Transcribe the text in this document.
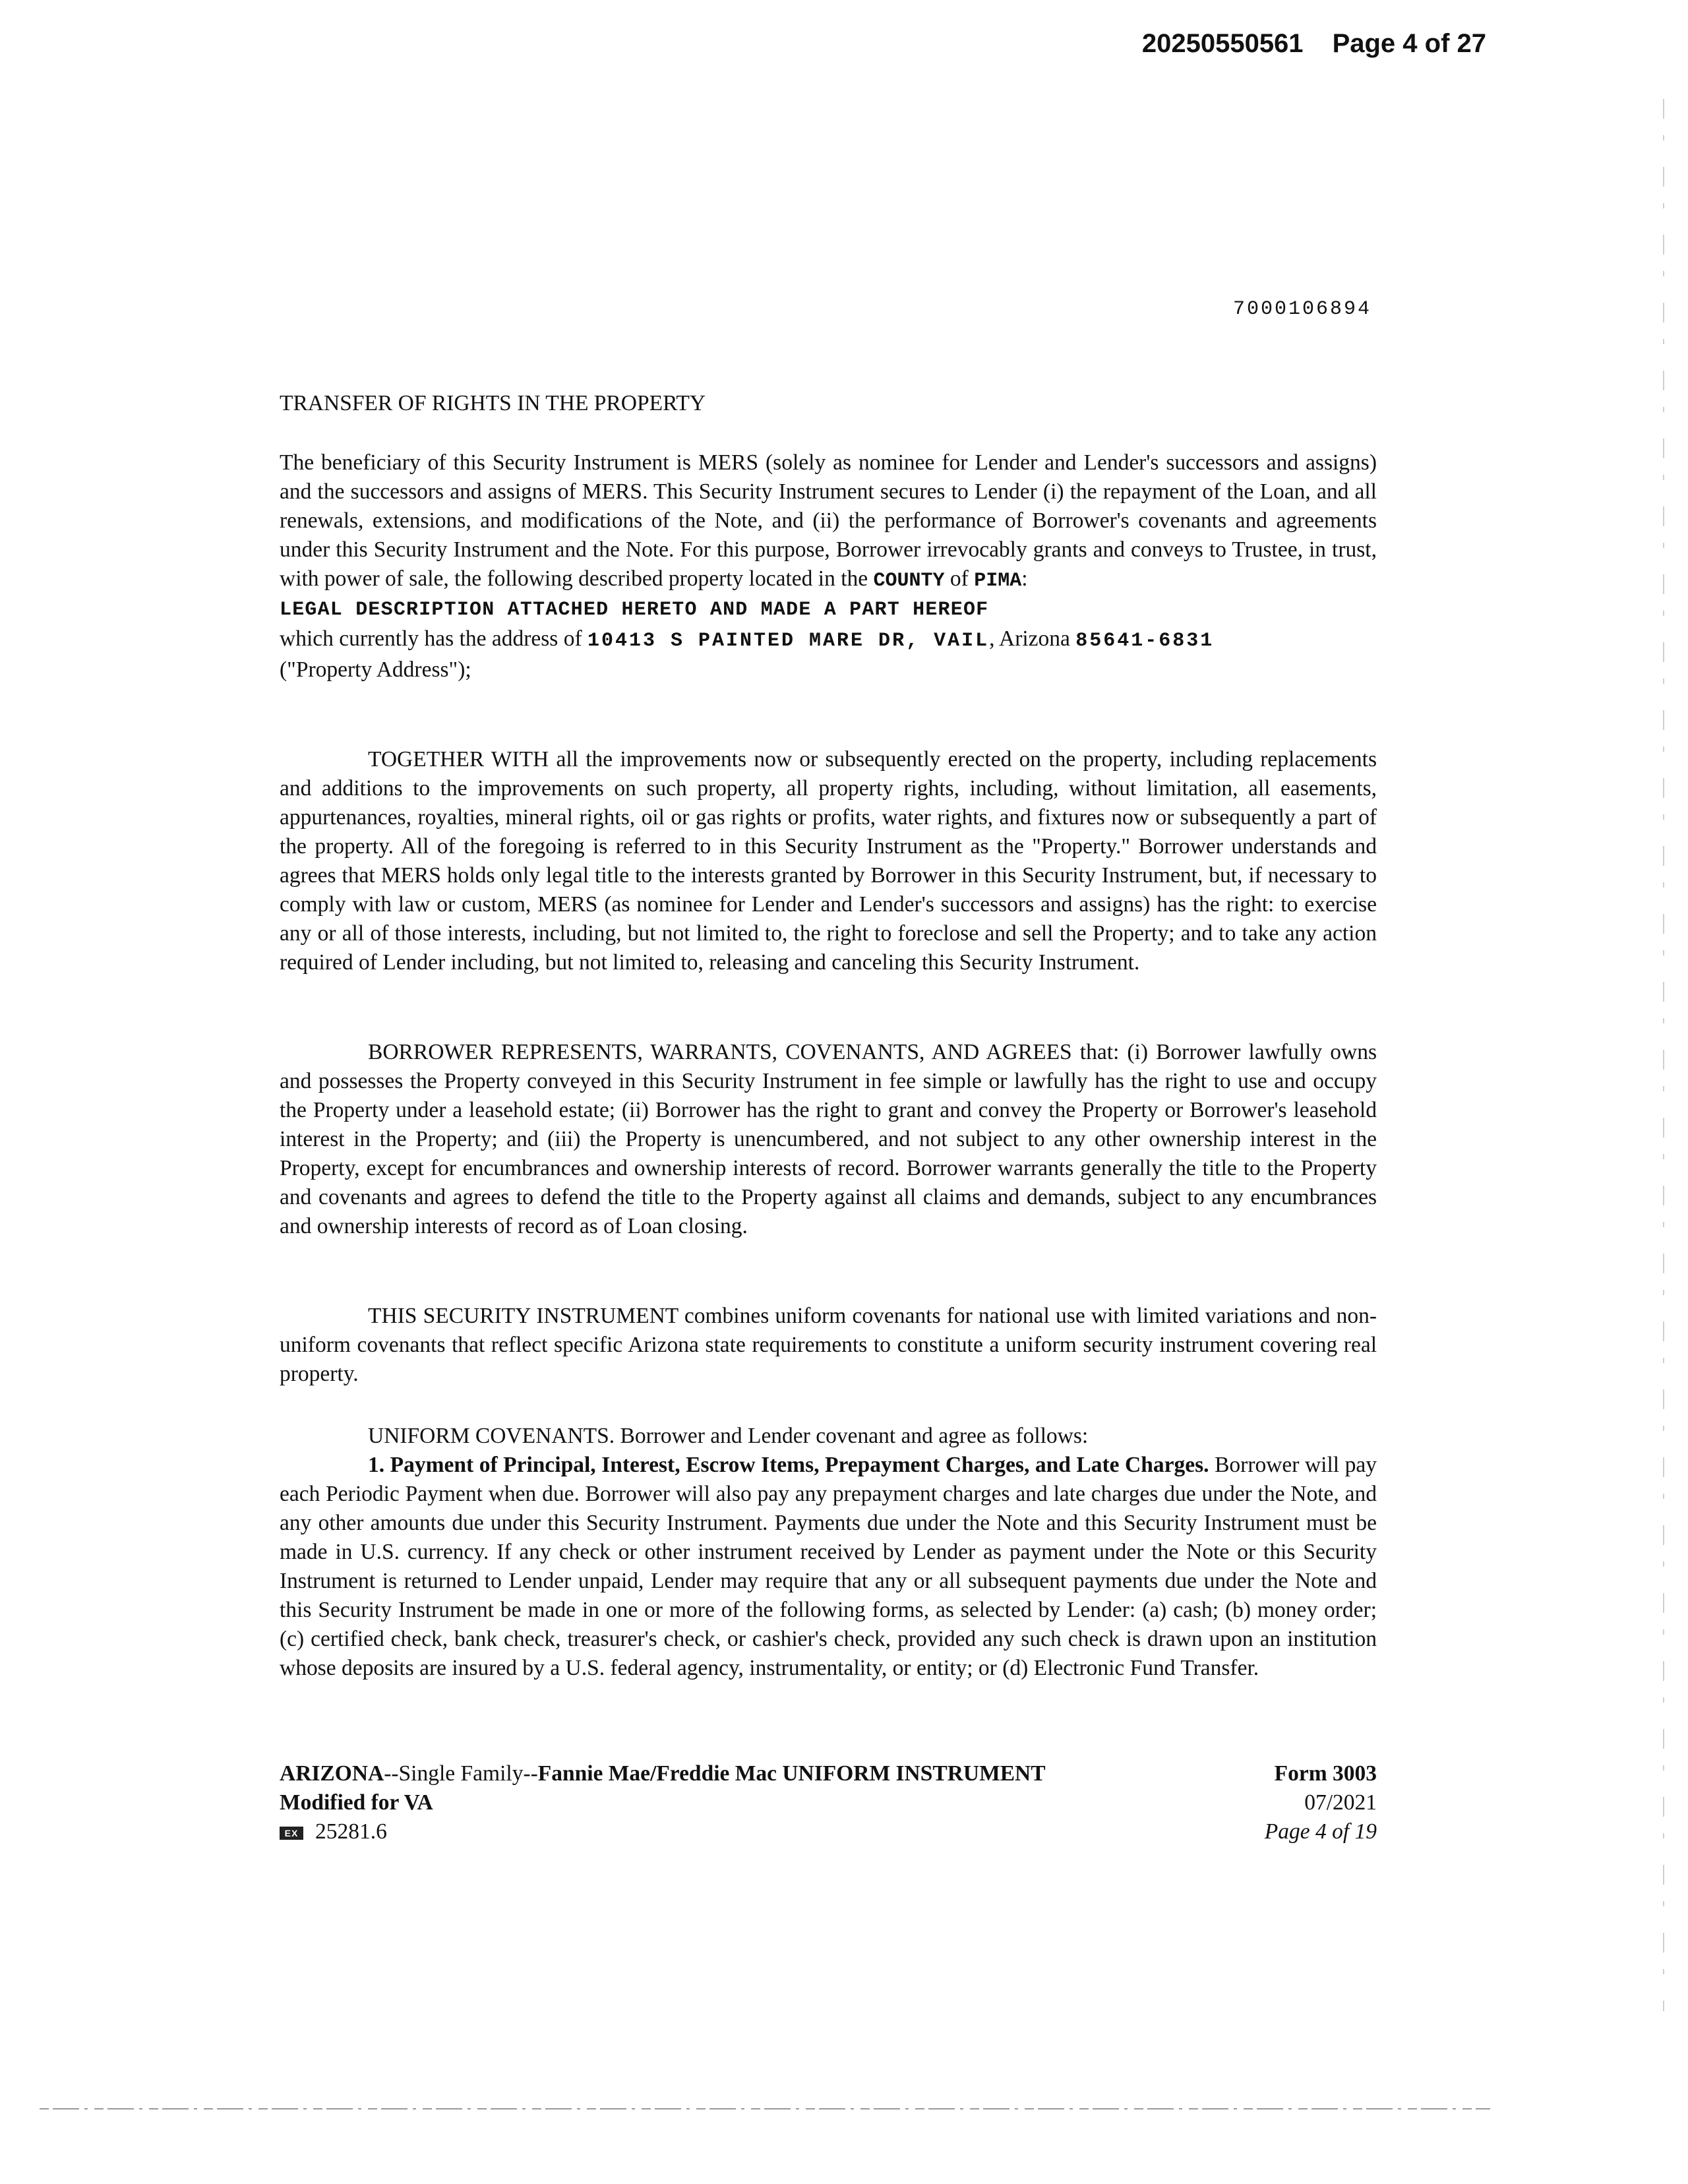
20250550561 Page 4 of 27
7000106894
TRANSFER OF RIGHTS IN THE PROPERTY
The beneficiary of this Security Instrument is MERS (solely as nominee for Lender and Lender's successors and assigns) and the successors and assigns of MERS. This Security Instrument secures to Lender (i) the repayment of the Loan, and all renewals, extensions, and modifications of the Note, and (ii) the performance of Borrower's covenants and agreements under this Security Instrument and the Note. For this purpose, Borrower irrevocably grants and conveys to Trustee, in trust, with power of sale, the following described property located in the COUNTY of PIMA:
LEGAL DESCRIPTION ATTACHED HERETO AND MADE A PART HEREOF
which currently has the address of 10413 S PAINTED MARE DR, VAIL, Arizona 85641-6831
("Property Address");
TOGETHER WITH all the improvements now or subsequently erected on the property, including replacements and additions to the improvements on such property, all property rights, including, without limitation, all easements, appurtenances, royalties, mineral rights, oil or gas rights or profits, water rights, and fixtures now or subsequently a part of the property. All of the foregoing is referred to in this Security Instrument as the "Property." Borrower understands and agrees that MERS holds only legal title to the interests granted by Borrower in this Security Instrument, but, if necessary to comply with law or custom, MERS (as nominee for Lender and Lender's successors and assigns) has the right: to exercise any or all of those interests, including, but not limited to, the right to foreclose and sell the Property; and to take any action required of Lender including, but not limited to, releasing and canceling this Security Instrument.
BORROWER REPRESENTS, WARRANTS, COVENANTS, AND AGREES that: (i) Borrower lawfully owns and possesses the Property conveyed in this Security Instrument in fee simple or lawfully has the right to use and occupy the Property under a leasehold estate; (ii) Borrower has the right to grant and convey the Property or Borrower's leasehold interest in the Property; and (iii) the Property is unencumbered, and not subject to any other ownership interest in the Property, except for encumbrances and ownership interests of record. Borrower warrants generally the title to the Property and covenants and agrees to defend the title to the Property against all claims and demands, subject to any encumbrances and ownership interests of record as of Loan closing.
THIS SECURITY INSTRUMENT combines uniform covenants for national use with limited variations and non-uniform covenants that reflect specific Arizona state requirements to constitute a uniform security instrument covering real property.
UNIFORM COVENANTS. Borrower and Lender covenant and agree as follows:
1. Payment of Principal, Interest, Escrow Items, Prepayment Charges, and Late Charges. Borrower will pay each Periodic Payment when due. Borrower will also pay any prepayment charges and late charges due under the Note, and any other amounts due under this Security Instrument. Payments due under the Note and this Security Instrument must be made in U.S. currency. If any check or other instrument received by Lender as payment under the Note or this Security Instrument is returned to Lender unpaid, Lender may require that any or all subsequent payments due under the Note and this Security Instrument be made in one or more of the following forms, as selected by Lender: (a) cash; (b) money order; (c) certified check, bank check, treasurer's check, or cashier's check, provided any such check is drawn upon an institution whose deposits are insured by a U.S. federal agency, instrumentality, or entity; or (d) Electronic Fund Transfer.
ARIZONA--Single Family--Fannie Mae/Freddie Mac UNIFORM INSTRUMENT
Modified for VA
EX 25281.6
Form 3003
07/2021
Page 4 of 19
